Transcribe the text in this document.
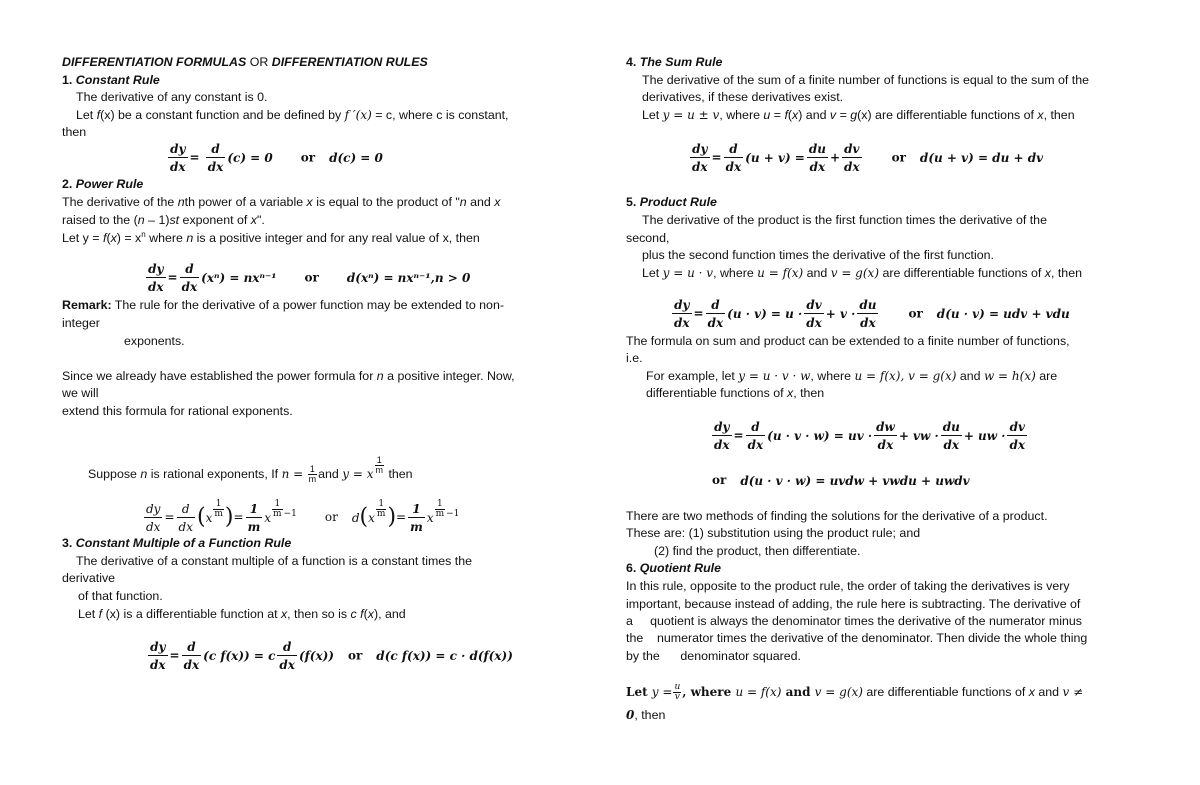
DIFFERENTIATION FORMULAS OR DIFFERENTIATION RULES
1. Constant Rule
The derivative of any constant is 0.
Let f(x) be a constant function and be defined by f ′(x) = c, where c is constant,
then
$\frac{dy}{dx} = \frac{d}{dx} (c) = 0$ or d(c) = 0
2. Power Rule
The derivative of the nth power of a variable x is equal to the product of "n and x
raised to the (n – 1)st exponent of x".
Let $y = f(x) = x^n$ where n is a positive integer and for any real value of x, then
$\frac{dy}{dx} = \frac{d}{dx} (x^n) = nx^{n-1}$ or d(xⁿ) = nxⁿ⁻¹,n > 0
Remark: The rule for the derivative of a power function may be extended to non-
integer
exponents.
Since we already have established the power formula for n a positive integer. Now,
we will
extend this formula for rational exponents.
Suppose n is rational exponents, If $n = \frac{1}{m}$ and y = x $\frac{1}{m}$ then
$\frac{dy}{dx} = \frac{d}{dx} (x \frac{1}{m}$ )= $\frac{1}{m}$ x $\frac{1}{m} ^{-1}$ or $d(x \frac{1}{m}$ )= $\frac{1}{m}$ x $\frac{1}{m} ^{-1}$
3. Constant Multiple of a Function Rule
The derivative of a constant multiple of a function is a constant times the
derivative
of that function.
Let f (x) is a differentiable function at x, then so is c f(x), and
$\frac{dy}{dx} = \frac{d}{dx} (c$ f(x)) = c $\frac{d}{dx} (f(x))$ or d(c f(x)) = c · d(f(x))
4. The Sum Rule
The derivative of the sum of a finite number of functions is equal to the sum of the
derivatives, if these derivatives exist.
Let y = u ± v, where u = f(x) and v = g(x) are differentiable functions of x, then
$\frac{dy}{dx} = \frac{d}{dx} (u + v) = \frac{du}{dx} + \frac{dv}{dx}$	or d(u + v) = du + dv
5. Product Rule
The derivative of the product is the first function times the derivative of the
second,
plus the second function times the derivative of the first function.
Let y = u · v, where u = f(x) and v = g(x) are differentiable functions of x, then
$\frac{dy}{dx} = \frac{d}{dx} (u \cdot v) = u \cdot \frac{dv}{dx} + v \cdot \frac{du}{dx}$	or d(u · v) = udv + vdu
The formula on sum and product can be extended to a finite number of functions,
i.e.
For example, let y = u · v · w, where u = f(x), v = g(x) and w = h(x) are
differentiable functions of x, then
$\frac{dy}{dx} = \frac{d}{dx} (u \cdot v \cdot w)$ = uv · $\frac{dw}{dx}$ + vw · $\frac{du}{dx}$ + uw · $\frac{dv}{dx}$
or d(u · v · w) = uvdw + vwdu + uwdv
There are two methods of finding the solutions for the derivative of a product.
These are: (1) substitution using the product rule; and
(2) find the product, then differentiate.
6. Quotient Rule
In this rule, opposite to the product rule, the order of taking the derivatives is very
important, because instead of adding, the rule here is subtracting. The derivative of
a     quotient is always the denominator times the derivative of the numerator minus
the    numerator times the derivative of the denominator. Then divide the whole thing
by the      denominator squared.
Let $y = \frac{u}{v}$ , where u = f(x) and v = g(x) are differentiable functions of x and v ≠
0, then
